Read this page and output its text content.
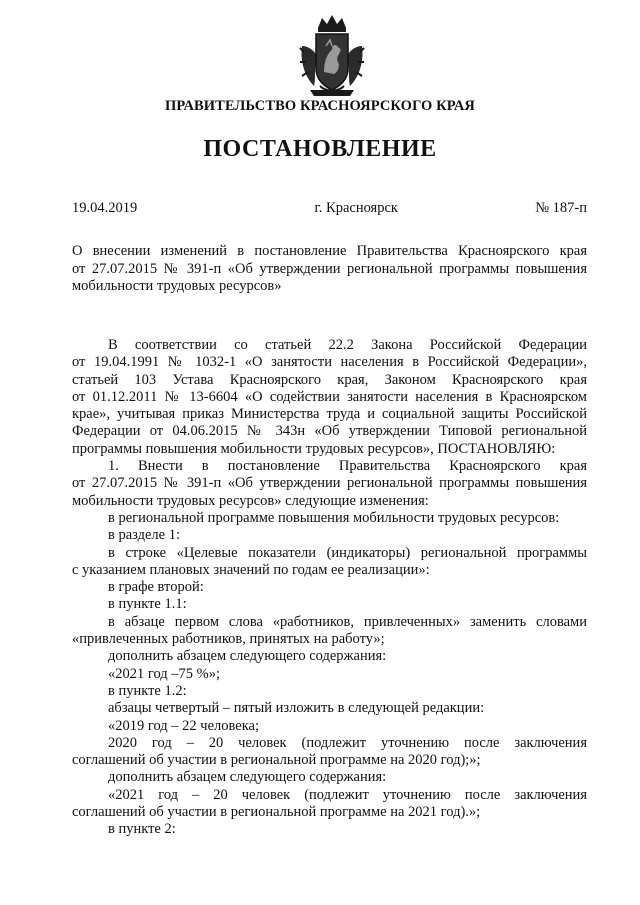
ПРАВИТЕЛЬСТВО КРАСНОЯРСКОГО КРАЯ
ПОСТАНОВЛЕНИЕ
19.04.2019	г. Красноярск	№ 187-п
О внесении изменений в постановление Правительства Красноярского края
от 27.07.2015 № 391-п «Об утверждении региональной программы повышения
мобильности трудовых ресурсов»
В соответствии со статьей 22.2 Закона Российской Федерации
от 19.04.1991 № 1032-1 «О занятости населения в Российской Федерации»,
статьей 103 Устава Красноярского края, Законом Красноярского края
от 01.12.2011 № 13-6604 «О содействии занятости населения в Красноярском
крае», учитывая приказ Министерства труда и социальной защиты Российской
Федерации от 04.06.2015 № 343н «Об утверждении Типовой региональной
программы повышения мобильности трудовых ресурсов», ПОСТАНОВЛЯЮ:
1. Внести в постановление Правительства Красноярского края
от 27.07.2015 № 391-п «Об утверждении региональной программы повышения
мобильности трудовых ресурсов» следующие изменения:
в региональной программе повышения мобильности трудовых ресурсов:
в разделе 1:
в строке «Целевые показатели (индикаторы) региональной программы
с указанием плановых значений по годам ее реализации»:
в графе второй:
в пункте 1.1:
в абзаце первом слова «работников, привлеченных» заменить словами
«привлеченных работников, принятых на работу»;
дополнить абзацем следующего содержания:
«2021 год –75 %»;
в пункте 1.2:
абзацы четвертый – пятый изложить в следующей редакции:
«2019 год – 22 человека;
2020 год – 20 человек (подлежит уточнению после заключения
соглашений об участии в региональной программе на 2020 год);»;
дополнить абзацем следующего содержания:
«2021 год – 20 человек (подлежит уточнению после заключения
соглашений об участии в региональной программе на 2021 год).»;
в пункте 2:
